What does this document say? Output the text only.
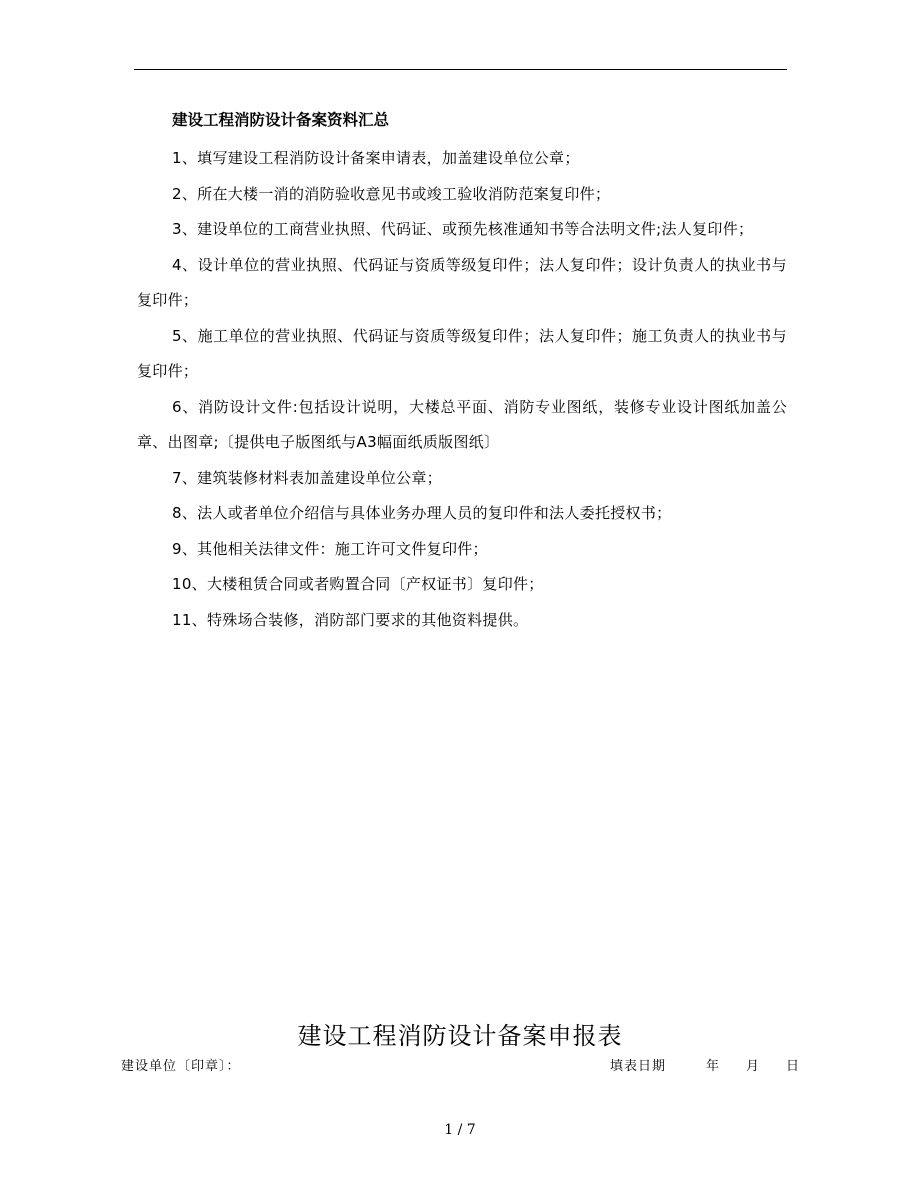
建设工程消防设计备案资料汇总
1、填写建设工程消防设计备案申请表，加盖建设单位公章；
2、所在大楼一消的消防验收意见书或竣工验收消防范案复印件；
3、建设单位的工商营业执照、代码证、或预先核准通知书等合法明文件;法人复印件；
4、设计单位的营业执照、代码证与资质等级复印件；法人复印件；设计负责人的执业书与复印件；
5、施工单位的营业执照、代码证与资质等级复印件；法人复印件；施工负责人的执业书与复印件；
6、消防设计文件:包括设计说明，大楼总平面、消防专业图纸，装修专业设计图纸加盖公章、出图章;〔提供电子版图纸与A3幅面纸质版图纸〕
7、建筑装修材料表加盖建设单位公章；
8、法人或者单位介绍信与具体业务办理人员的复印件和法人委托授权书；
9、其他相关法律文件：施工许可文件复印件；
10、大楼租赁合同或者购置合同〔产权证书〕复印件；
11、特殊场合装修，消防部门要求的其他资料提供。
建设工程消防设计备案申报表
建设单位〔印章〕：	填表日期	年	月	日
1 / 7
